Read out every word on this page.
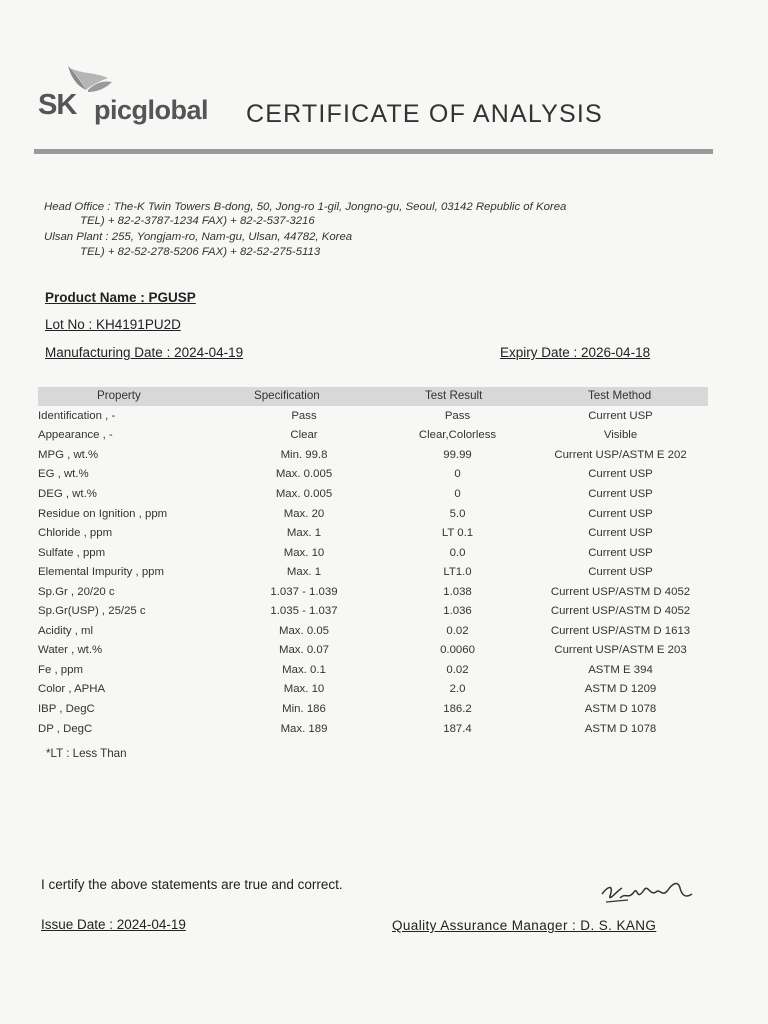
SK picglobal CERTIFICATE OF ANALYSIS
Head Office : The-K Twin Towers B-dong, 50, Jong-ro 1-gil, Jongno-gu, Seoul, 03142 Republic of Korea
TEL) + 82-2-3787-1234 FAX) + 82-2-537-3216
Ulsan Plant : 255, Yongjam-ro, Nam-gu, Ulsan, 44782, Korea
TEL) + 82-52-278-5206 FAX) + 82-52-275-5113
Product Name : PGUSP
Lot No : KH4191PU2D
Manufacturing Date : 2024-04-19	Expiry Date : 2026-04-18
Property	Specification	Test Result	Test Method
Identification , -	Pass	Pass	Current USP
Appearance , -	Clear	Clear,Colorless	Visible
MPG , wt.%	Min. 99.8	99.99	Current USP/ASTM E 202
EG , wt.%	Max. 0.005	0	Current USP
DEG , wt.%	Max. 0.005	0	Current USP
Residue on Ignition , ppm	Max. 20	5.0	Current USP
Chloride , ppm	Max. 1	LT 0.1	Current USP
Sulfate , ppm	Max. 10	0.0	Current USP
Elemental Impurity , ppm	Max. 1	LT1.0	Current USP
Sp.Gr , 20/20 c	1.037 - 1.039	1.038	Current USP/ASTM D 4052
Sp.Gr(USP) , 25/25 c	1.035 - 1.037	1.036	Current USP/ASTM D 4052
Acidity , ml	Max. 0.05	0.02	Current USP/ASTM D 1613
Water , wt.%	Max. 0.07	0.0060	Current USP/ASTM E 203
Fe , ppm	Max. 0.1	0.02	ASTM E 394
Color , APHA	Max. 10	2.0	ASTM D 1209
IBP , DegC	Min. 186	186.2	ASTM D 1078
DP , DegC	Max. 189	187.4	ASTM D 1078
*LT : Less Than
I certify the above statements are true and correct.
Issue Date : 2024-04-19	Quality Assurance Manager : D. S. KANG
